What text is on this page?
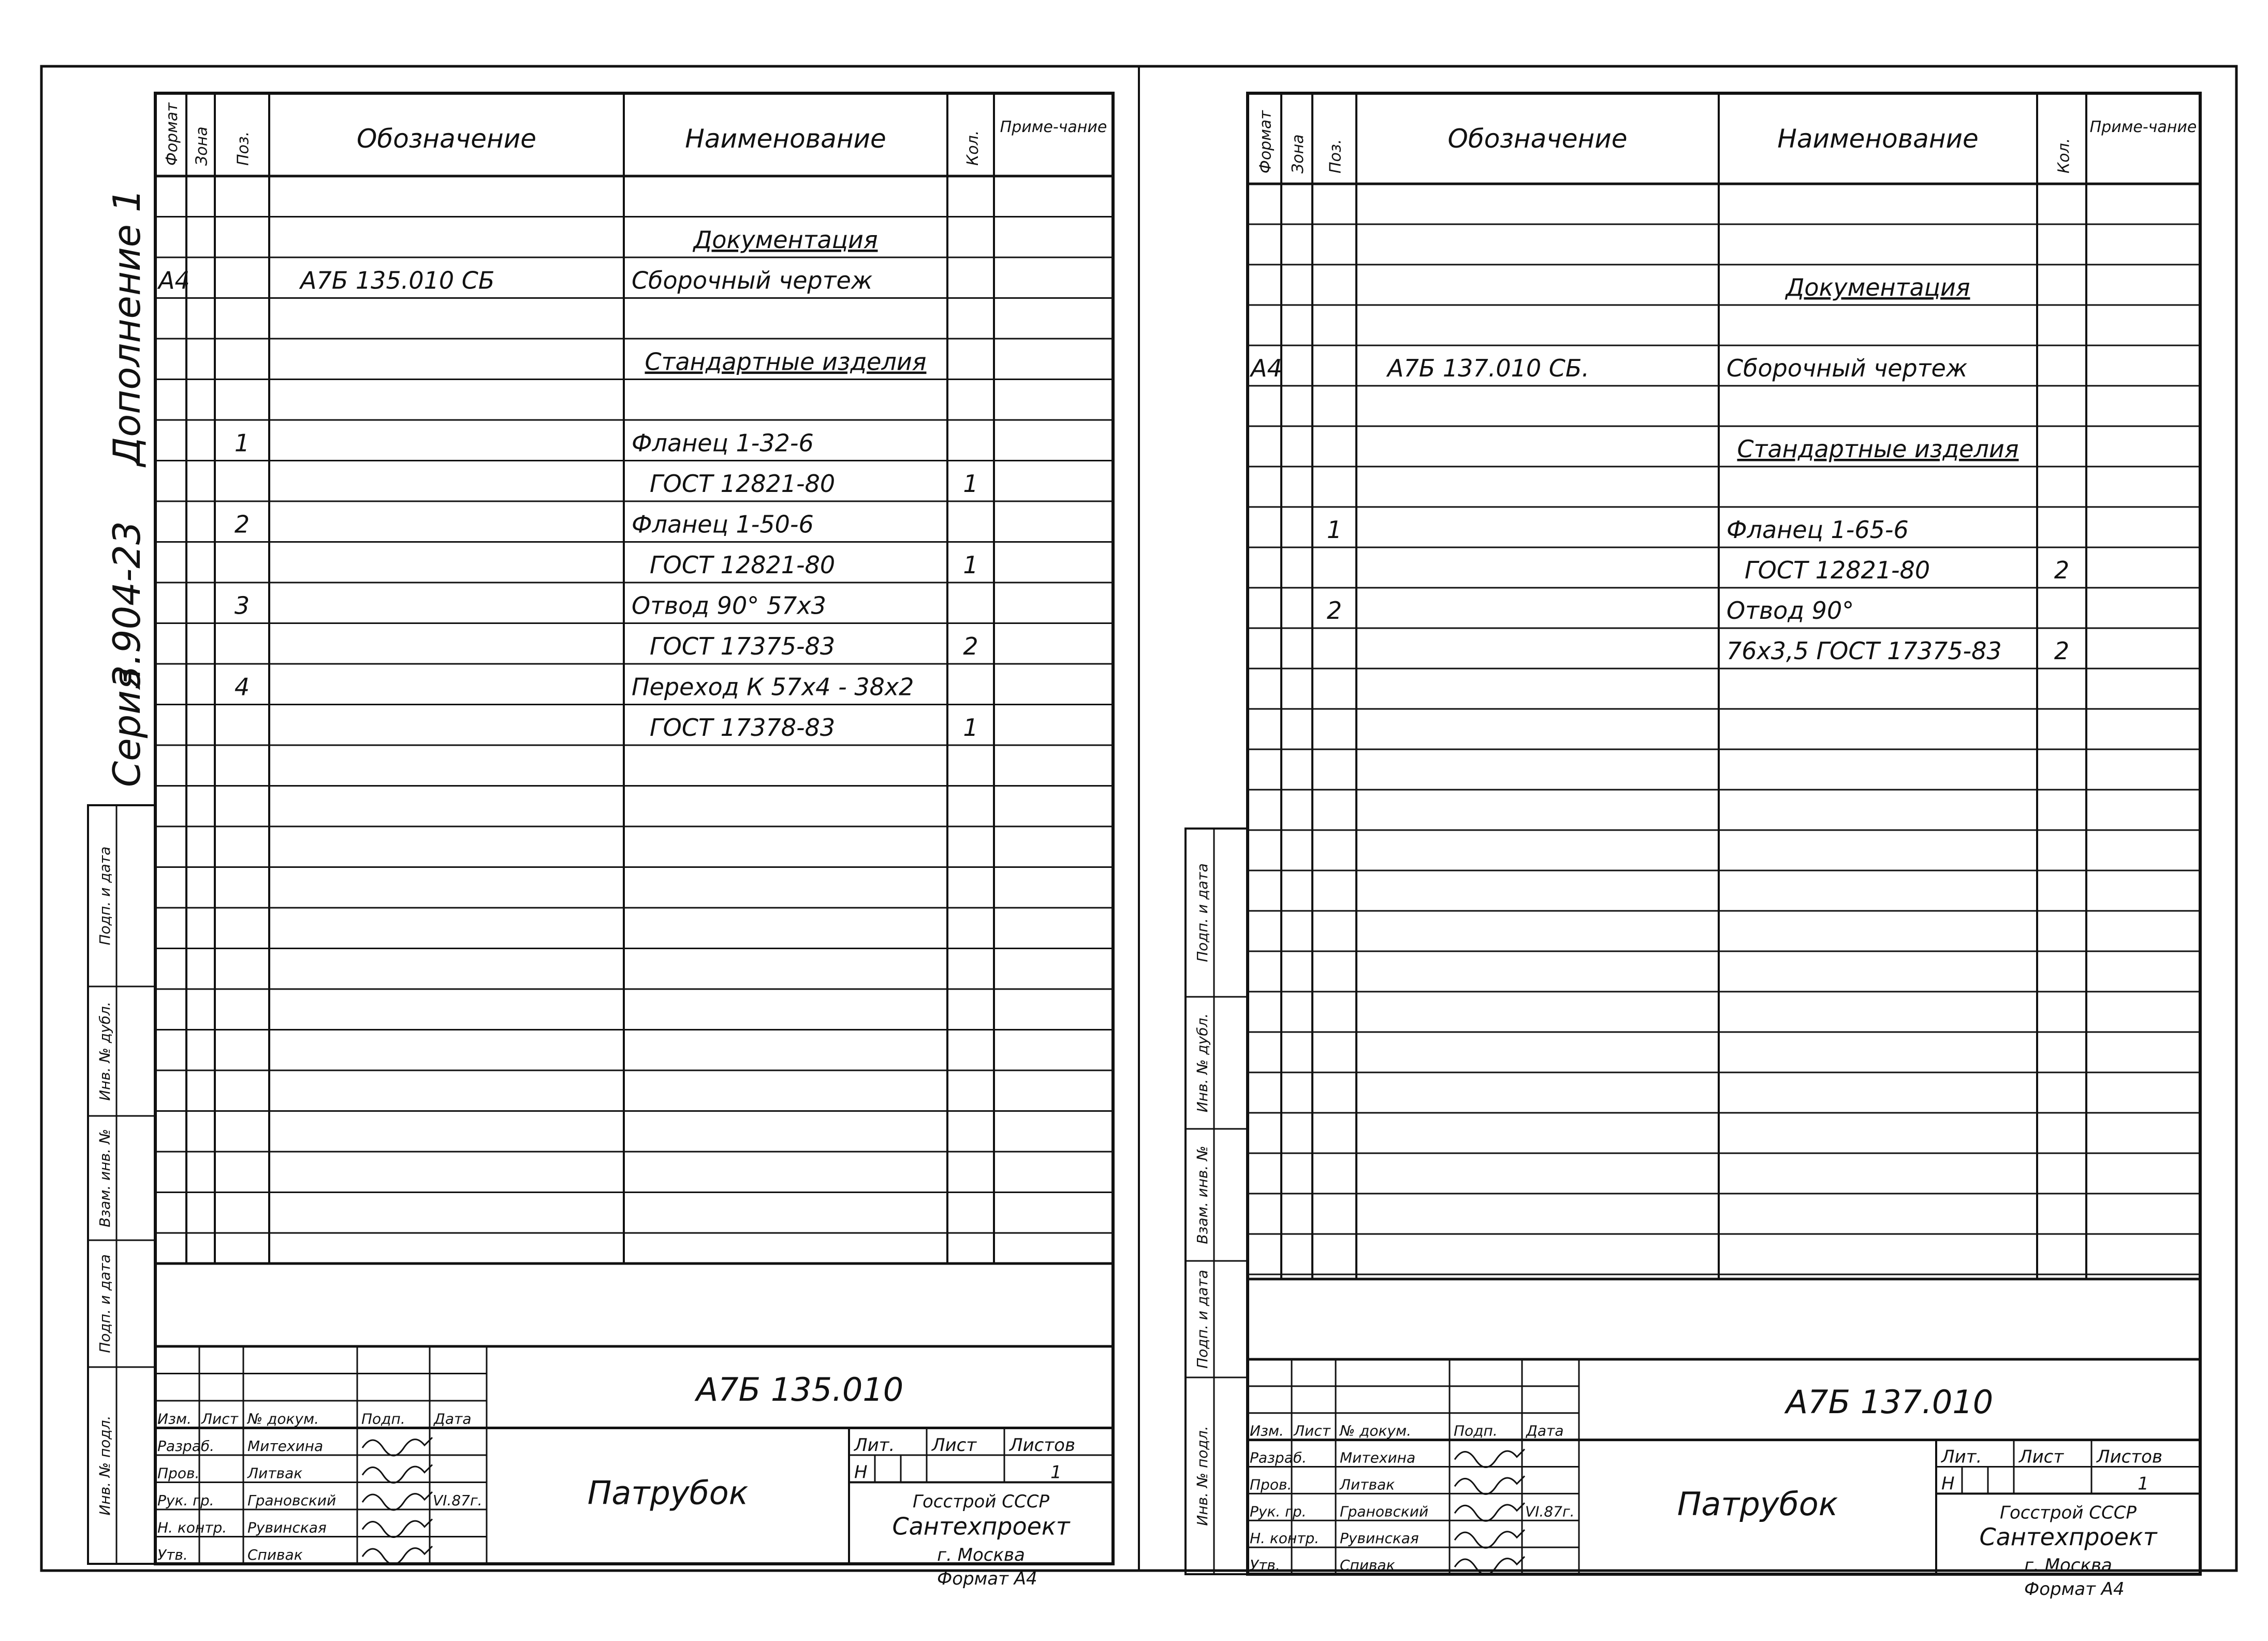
Формат Зона Поз.	Обозначение	Наименование	Кол.
Приме-чание
Документация
А4	А7Б 135.010 СБ	Сборочный чертеж
Стандартные изделия
1	Фланец 1-32-6
ГОСТ 12821-80	1
2	Фланец 1-50-6
ГОСТ 12821-80	1
3	Отвод 90° 57х3
ГОСТ 17375-83	2
4	Переход К 57х4 - 38х2
ГОСТ 17378-83	1
А7Б 135.010
Изм. Лист № докум.	Подп. Дата
Разраб. Митехина
Пров.	Литвак
Рук. гр. Грановский
Н. контр. Рувинская
Утв.	Спивак
VI.87г.	Патрубок
Лит. Лист Листов
Н	1
Госстрой СССР
Сантехпроект
г. Москва
Формат А4
Подп. и дата
Инв. № дубл.
Взам. инв. №
Подп. и дата
Инв. № подл.
Серия
3.904-23
Дополнение 1
Формат Зона Поз.
Обозначение	Наименование	Кол.
Приме-чание
Документация
А4	А7Б 137.010 СБ.	Сборочный чертеж
Стандартные изделия
1	Фланец 1-65-6
ГОСТ 12821-80	2
2	Отвод 90°
76х3,5 ГОСТ 17375-83 2
А7Б 137.010
Изм. Лист № докум.	Подп. Дата
Разраб. Митехина
Пров.	Литвак
Рук. гр. Грановский
Н. контр. Рувинская
Утв.	Спивак
VI.87г.	Патрубок
Лит. Лист Листов
Н	1
Госстрой СССР
Сантехпроект
г. Москва
Формат А4
Подп. и дата
Инв. № дубл.
Взам. инв. №
Подп. и дата
Инв. № подл.
